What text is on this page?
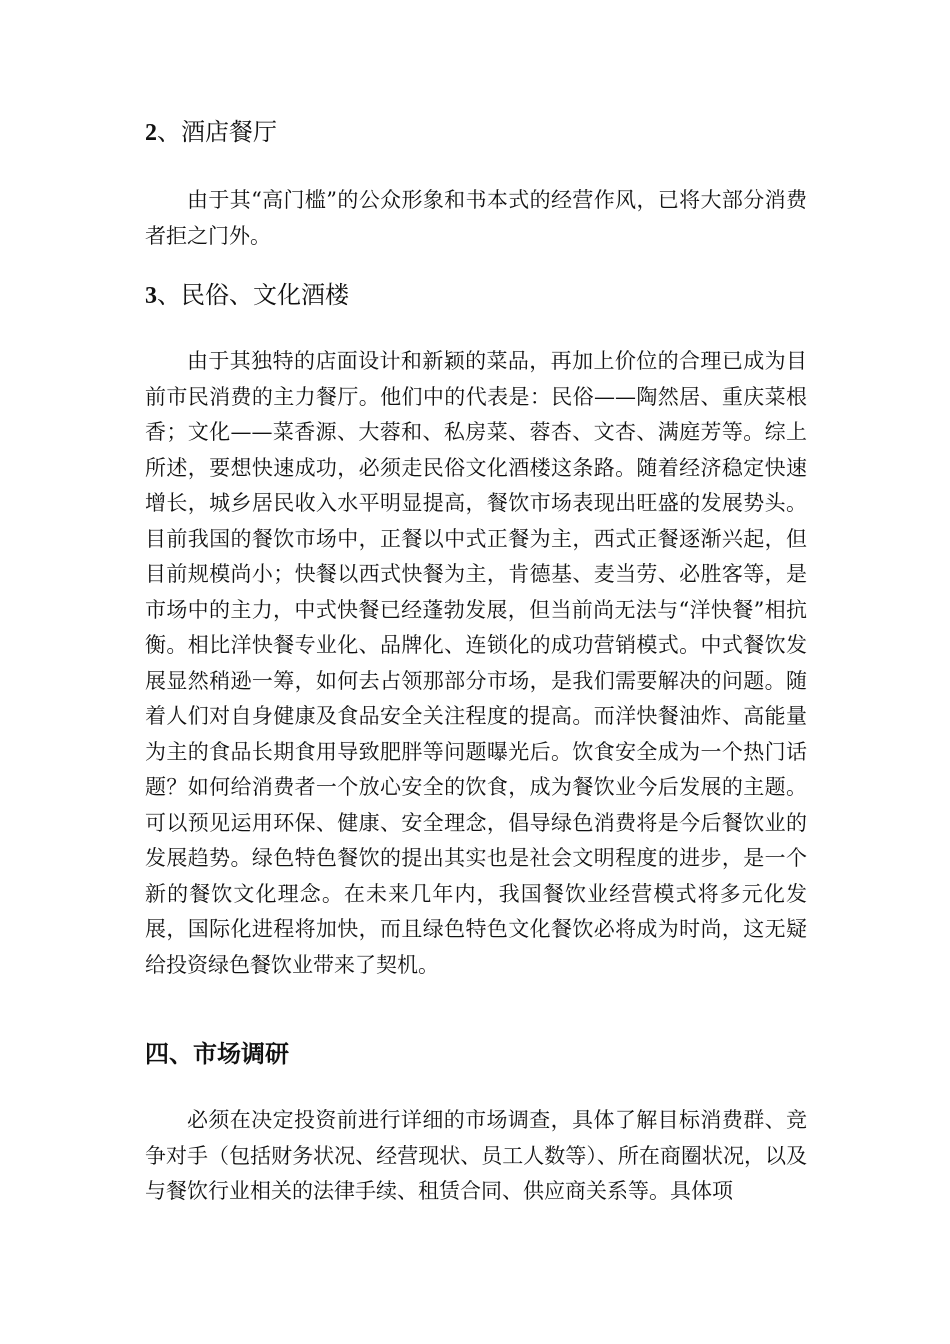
2、酒店餐厅

由于其“高门槛”的公众形象和书本式的经营作风，已将大部分消费者拒之门外。

3、民俗、文化酒楼

由于其独特的店面设计和新颖的菜品，再加上价位的合理已成为目前市民消费的主力餐厅。他们中的代表是：民俗——陶然居、重庆菜根香；文化——菜香源、大蓉和、私房菜、蓉杏、文杏、满庭芳等。综上所述，要想快速成功，必须走民俗文化酒楼这条路。随着经济稳定快速增长，城乡居民收入水平明显提高，餐饮市场表现出旺盛的发展势头。目前我国的餐饮市场中，正餐以中式正餐为主，西式正餐逐渐兴起，但目前规模尚小；快餐以西式快餐为主，肯德基、麦当劳、必胜客等，是市场中的主力，中式快餐已经蓬勃发展，但当前尚无法与“洋快餐”相抗衡。相比洋快餐专业化、品牌化、连锁化的成功营销模式。中式餐饮发展显然稍逊一筹，如何去占领那部分市场，是我们需要解决的问题。随着人们对自身健康及食品安全关注程度的提高。而洋快餐油炸、高能量为主的食品长期食用导致肥胖等问题曝光后。饮食安全成为一个热门话题？如何给消费者一个放心安全的饮食，成为餐饮业今后发展的主题。可以预见运用环保、健康、安全理念，倡导绿色消费将是今后餐饮业的发展趋势。绿色特色餐饮的提出其实也是社会文明程度的进步，是一个新的餐饮文化理念。在未来几年内，我国餐饮业经营模式将多元化发展，国际化进程将加快，而且绿色特色文化餐饮必将成为时尚，这无疑给投资绿色餐饮业带来了契机。

四、市场调研

必须在决定投资前进行详细的市场调查，具体了解目标消费群、竞争对手（包括财务状况、经营现状、员工人数等）、所在商圈状况，以及与餐饮行业相关的法律手续、租赁合同、供应商关系等。具体项
